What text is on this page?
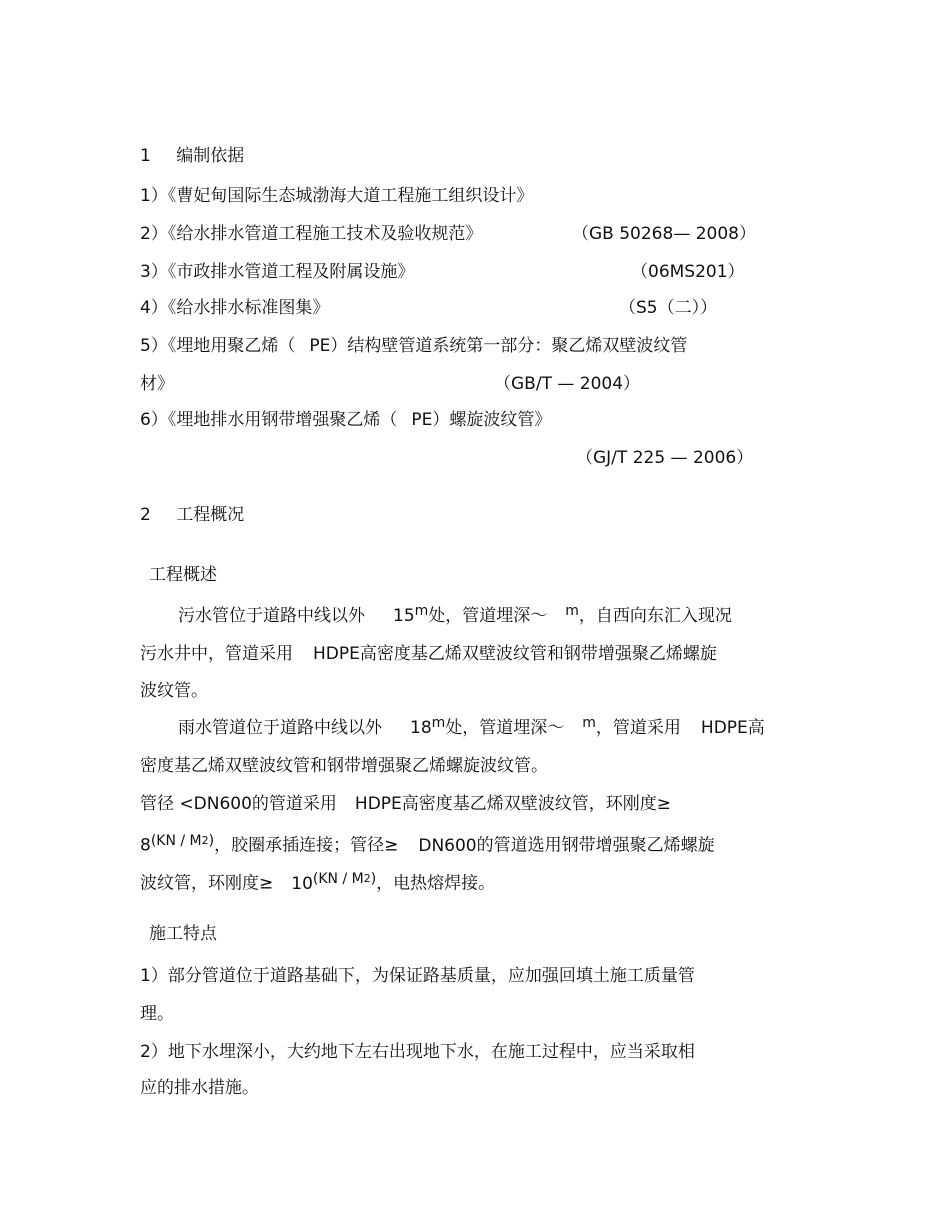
1 编制依据
1）《曹妃甸国际生态城渤海大道工程施工组织设计》
2）《给水排水管道工程施工技术及验收规范》	（GB 50268— 2008）
3）《市政排水管道工程及附属设施》	（06MS201）
4）《给水排水标准图集》	（S5（二））
5）《埋地用聚乙烯（ PE）结构壁管道系统第一部分：聚乙烯双壁波纹管
材》	（GB/T — 2004）
6）《埋地排水用钢带增强聚乙烯（ PE）螺旋波纹管》
（GJ/T 225 — 2006）
2 工程概况
工程概述
污水管位于道路中线以外 15$^m$处，管道埋深～ $^m$，自西向东汇入现况
污水井中，管道采用 HDPE高密度基乙烯双壁波纹管和钢带增强聚乙烯螺旋
波纹管。
雨水管道位于道路中线以外 18$^m$处，管道埋深～ $^m$，管道采用 HDPE高
密度基乙烯双壁波纹管和钢带增强聚乙烯螺旋波纹管。
管径 <DN600的管道采用 HDPE高密度基乙烯双壁波纹管，环刚度≥
$8^{(KN / M2)}$，胶圈承插连接；管径≥ DN600的管道选用钢带增强聚乙烯螺旋
波纹管，环刚度≥ $10^{(KN / M2)}$，电热熔焊接。
施工特点
1）部分管道位于道路基础下，为保证路基质量，应加强回填土施工质量管
理。
2）地下水埋深小，大约地下左右出现地下水，在施工过程中，应当采取相
应的排水措施。
